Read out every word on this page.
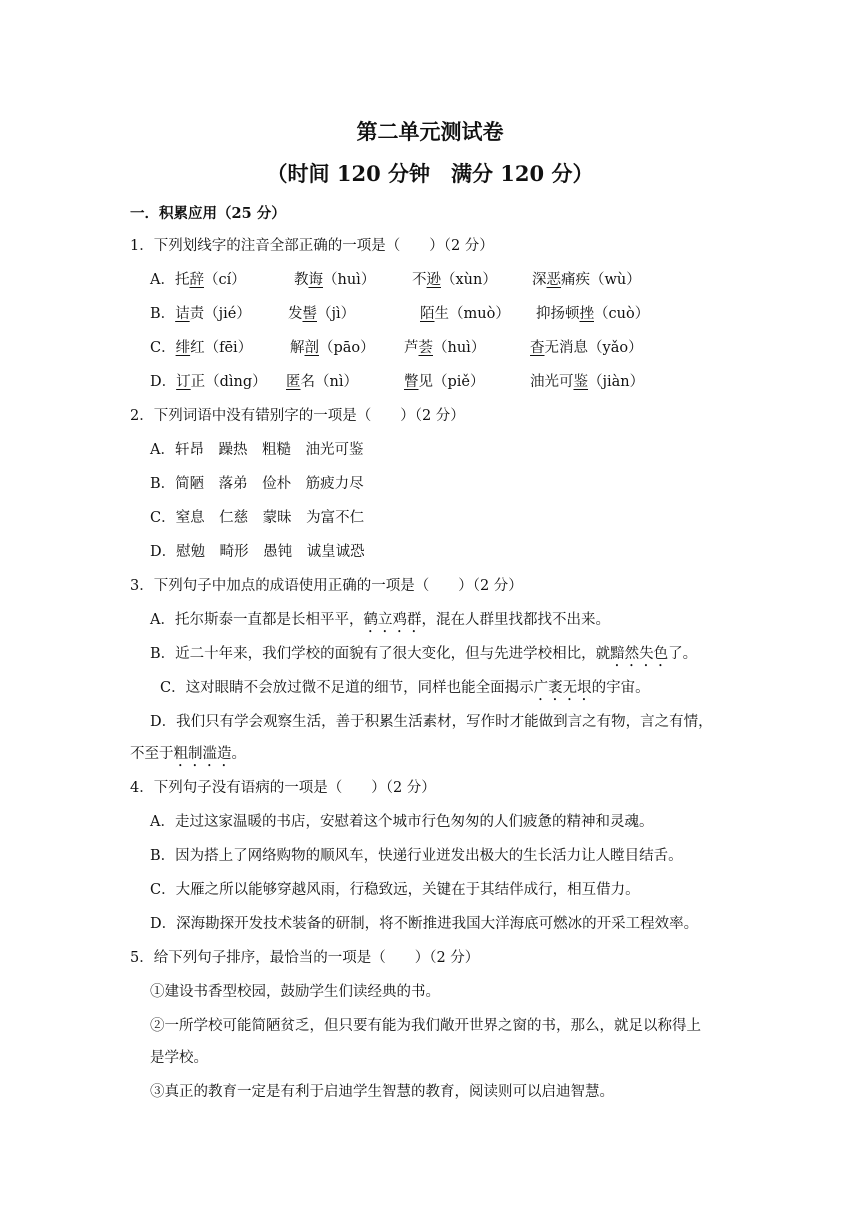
第二单元测试卷
（时间 120 分钟　满分 120 分）
一．积累应用（25 分）
1．下列划线字的注音全部正确的一项是（　　）（2 分）
A．托辞（cí）	教诲（huì）	不逊（xùn） 深恶痛疾（wù）
B．诘责（jié）	发髻（jì）	陌生（muò） 抑扬顿挫（cuò）
C．绯红（fēi）	解剖（pāo） 芦荟（huì）	杳无消息（yǎo）
D．订正（dìng） 匿名（nì）	瞥见（piě）	油光可鉴（jiàn）
2．下列词语中没有错别字的一项是（　　）（2 分）
A．轩昂　躁热　粗糙　油光可鉴
B．简陋　落弟　俭朴　筋疲力尽
C．窒息　仁慈　蒙昧　为富不仁
D．慰勉　畸形　愚钝　诚皇诚恐
3．下列句子中加点的成语使用正确的一项是（　　）（2 分）
A．托尔斯泰一直都是长相平平，鹤立鸡群，混在人群里找都找不出来。
B．近二十年来，我们学校的面貌有了很大变化，但与先进学校相比，就黯然失色了。
C．这对眼睛不会放过微不足道的细节，同样也能全面揭示广袤无垠的宇宙。
D．我们只有学会观察生活，善于积累生活素材，写作时才能做到言之有物，言之有情，
不至于粗制滥造。
4．下列句子没有语病的一项是（　　）（2 分）
A．走过这家温暖的书店，安慰着这个城市行色匆匆的人们疲惫的精神和灵魂。
B．因为搭上了网络购物的顺风车，快递行业迸发出极大的生长活力让人瞠目结舌。
C．大雁之所以能够穿越风雨，行稳致远，关键在于其结伴成行，相互借力。
D．深海勘探开发技术装备的研制，将不断推进我国大洋海底可燃冰的开采工程效率。
5．给下列句子排序，最恰当的一项是（　　）（2 分）
①建设书香型校园，鼓励学生们读经典的书。
②一所学校可能简陋贫乏，但只要有能为我们敞开世界之窗的书，那么，就足以称得上
是学校。
③真正的教育一定是有利于启迪学生智慧的教育，阅读则可以启迪智慧。
